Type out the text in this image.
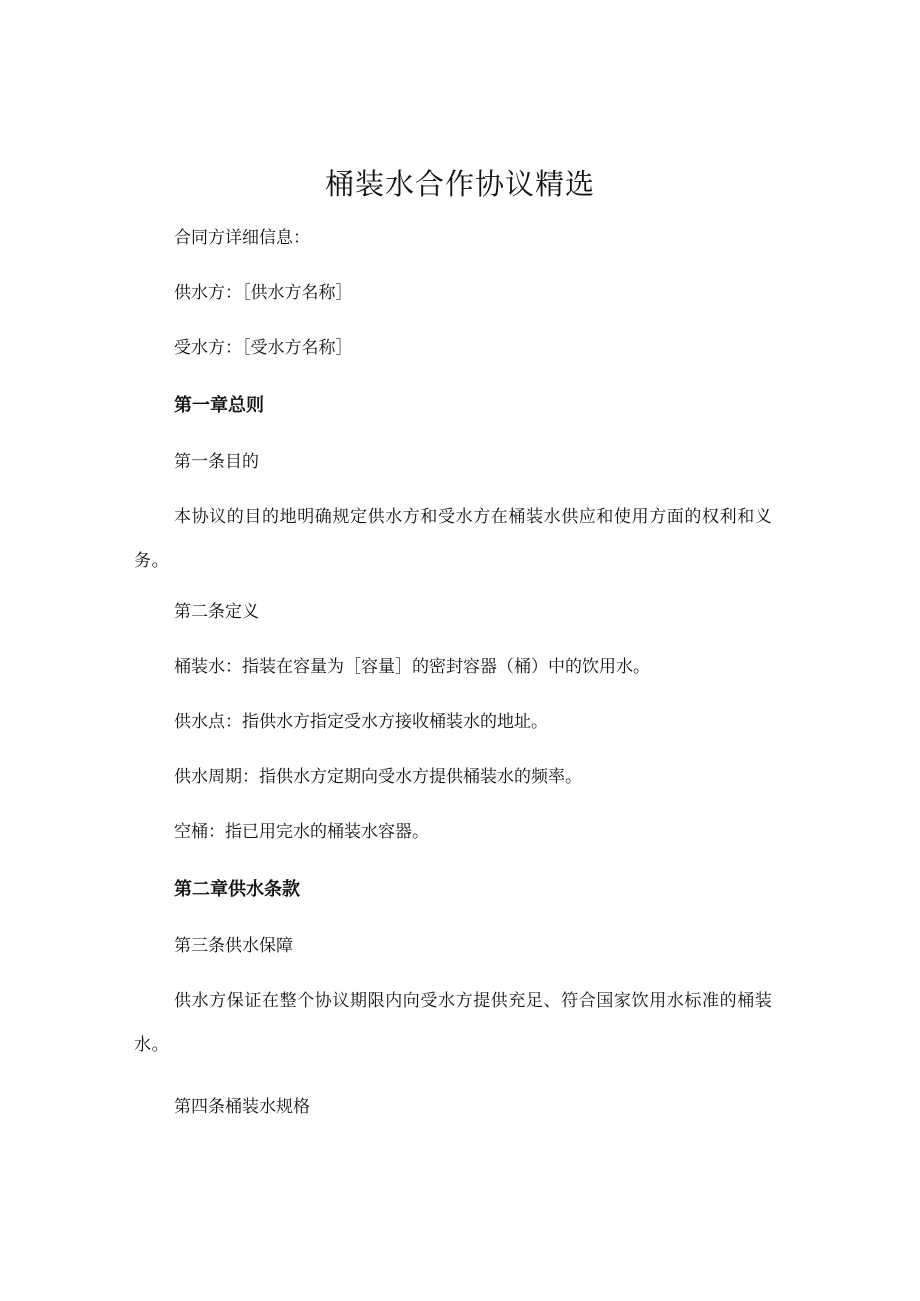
桶装水合作协议精选
合同方详细信息：
供水方：［供水方名称］
受水方：［受水方名称］
第一章总则
第一条目的
本协议的目的地明确规定供水方和受水方在桶装水供应和使用方面的权利和义务。
第二条定义
桶装水：指装在容量为［容量］的密封容器（桶）中的饮用水。
供水点：指供水方指定受水方接收桶装水的地址。
供水周期：指供水方定期向受水方提供桶装水的频率。
空桶：指已用完水的桶装水容器。
第二章供水条款
第三条供水保障
供水方保证在整个协议期限内向受水方提供充足、符合国家饮用水标准的桶装水。
第四条桶装水规格
